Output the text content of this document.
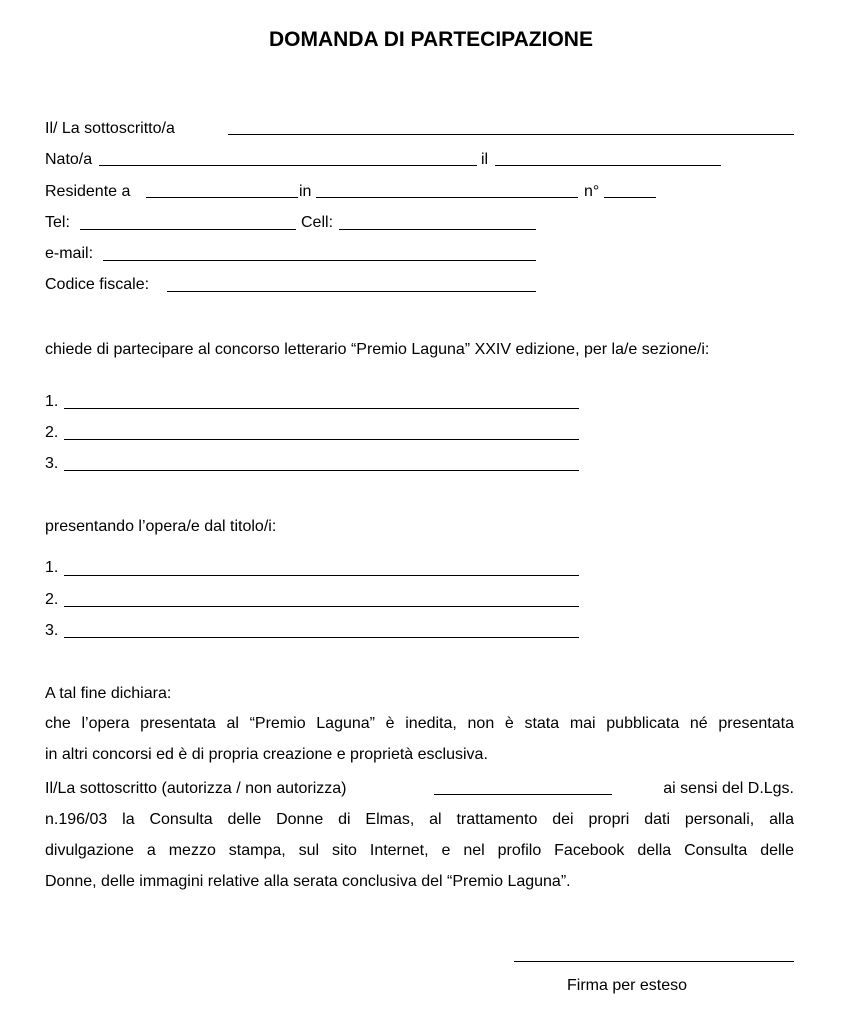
DOMANDA DI PARTECIPAZIONE
Il/ La sottoscritto/a
Nato/a	il
Residente a	in	n°
Tel:	Cell:
e-mail:
Codice fiscale:
chiede di partecipare al concorso letterario “Premio Laguna” XXIV edizione, per la/e sezione/i:
1.
2.
3.
presentando l’opera/e dal titolo/i:
1.
2.
3.
A tal fine dichiara:
che l’opera presentata al “Premio Laguna” è inedita, non è stata mai pubblicata né presentata
in altri concorsi ed è di propria creazione e proprietà esclusiva.
Il/La sottoscritto (autorizza / non autorizza)	ai sensi del D.Lgs.
n.196/03 la Consulta delle Donne di Elmas, al trattamento dei propri dati personali, alla
divulgazione a mezzo stampa, sul sito Internet, e nel profilo Facebook della Consulta delle
Donne, delle immagini relative alla serata conclusiva del “Premio Laguna”.
Firma per esteso
